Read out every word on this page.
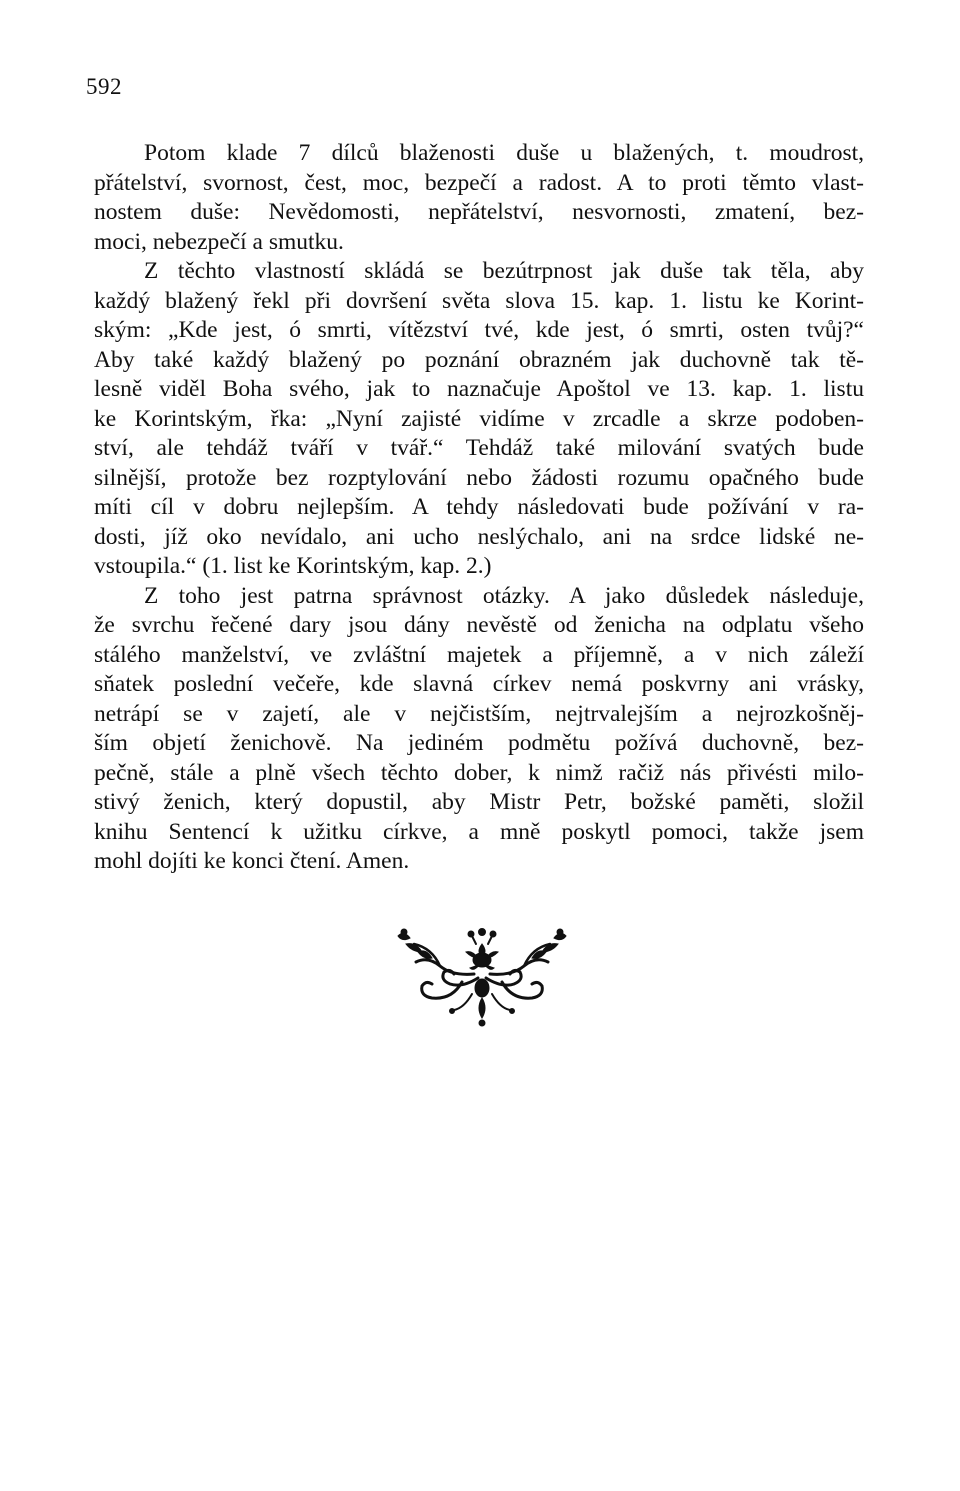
592
Potom klade 7 dílců blaženosti duše u blažených, t. moudrost,
přátelství, svornost, čest, moc, bezpečí a radost. A to proti těmto vlast-
nostem duše: Nevědomosti, nepřátelství, nesvornosti, zmatení, bez-
moci, nebezpečí a smutku.
Z těchto vlastností skládá se bezútrpnost jak duše tak těla, aby
každý blažený řekl při dovršení světa slova 15. kap. 1. listu ke Korint-
ským: „Kde jest, ó smrti, vítězství tvé, kde jest, ó smrti, osten tvůj?“
Aby také každý blažený po poznání obrazném jak duchovně tak tě-
lesně viděl Boha svého, jak to naznačuje Apoštol ve 13. kap. 1. listu
ke Korintským, řka: „Nyní zajisté vidíme v zrcadle a skrze podoben-
ství, ale tehdáž tváří v tvář.“ Tehdáž také milování svatých bude
silnější, protože bez rozptylování nebo žádosti rozumu opačného bude
míti cíl v dobru nejlepším. A tehdy následovati bude požívání v ra-
dosti, jíž oko nevídalo, ani ucho neslýchalo, ani na srdce lidské ne-
vstoupila.“ (1. list ke Korintským, kap. 2.)
Z toho jest patrna správnost otázky. A jako důsledek následuje,
že svrchu řečené dary jsou dány nevěstě od ženicha na odplatu všeho
stálého manželství, ve zvláštní majetek a příjemně, a v nich záleží
sňatek poslední večeře, kde slavná církev nemá poskvrny ani vrásky,
netrápí se v zajetí, ale v nejčistším, nejtrvalejším a nejrozkošněj-
ším objetí ženichově. Na jediném podmětu požívá duchovně, bez-
pečně, stále a plně všech těchto dober, k nimž račiž nás přivésti milo-
stivý ženich, který dopustil, aby Mistr Petr, božské paměti, složil
knihu Sentencí k užitku církve, a mně poskytl pomoci, takže jsem
mohl dojíti ke konci čtení. Amen.
